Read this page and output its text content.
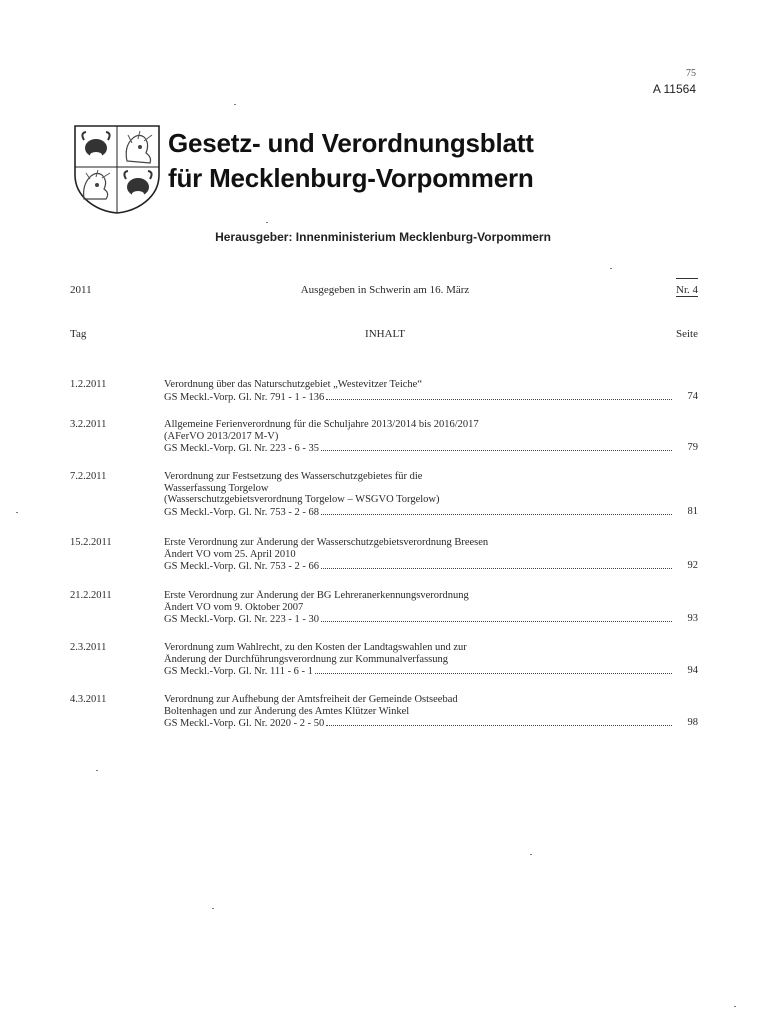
75
A 11564
Gesetz- und Verordnungsblatt
für Mecklenburg-Vorpommern
Herausgeber: Innenministerium Mecklenburg-Vorpommern
2011	Ausgegeben in Schwerin am 16. März	Nr. 4
Tag	INHALT	Seite
1.2.2011	Verordnung über das Naturschutzgebiet „Westevitzer Teiche“
GS Meckl.-Vorp. Gl. Nr. 791 - 1 - 136	74
3.2.2011	Allgemeine Ferienverordnung für die Schuljahre 2013/2014 bis 2016/2017
(AFerVO 2013/2017 M-V)
GS Meckl.-Vorp. Gl. Nr. 223 - 6 - 35	79
7.2.2011	Verordnung zur Festsetzung des Wasserschutzgebietes für die
Wasserfassung Torgelow
(Wasserschutzgebietsverordnung Torgelow – WSGVO Torgelow)
GS Meckl.-Vorp. Gl. Nr. 753 - 2 - 68	81
15.2.2011	Erste Verordnung zur Änderung der Wasserschutzgebietsverordnung Breesen
Ändert VO vom 25. April 2010
GS Meckl.-Vorp. Gl. Nr. 753 - 2 - 66	92
21.2.2011	Erste Verordnung zur Änderung der BG Lehreranerkennungsverordnung
Ändert VO vom 9. Oktober 2007
GS Meckl.-Vorp. Gl. Nr. 223 - 1 - 30	93
2.3.2011	Verordnung zum Wahlrecht, zu den Kosten der Landtagswahlen und zur
Änderung der Durchführungsverordnung zur Kommunalverfassung
GS Meckl.-Vorp. Gl. Nr. 111 - 6 - 1	94
4.3.2011	Verordnung zur Aufhebung der Amtsfreiheit der Gemeinde Ostseebad
Boltenhagen und zur Änderung des Amtes Klützer Winkel
GS Meckl.-Vorp. Gl. Nr. 2020 - 2 - 50	98
